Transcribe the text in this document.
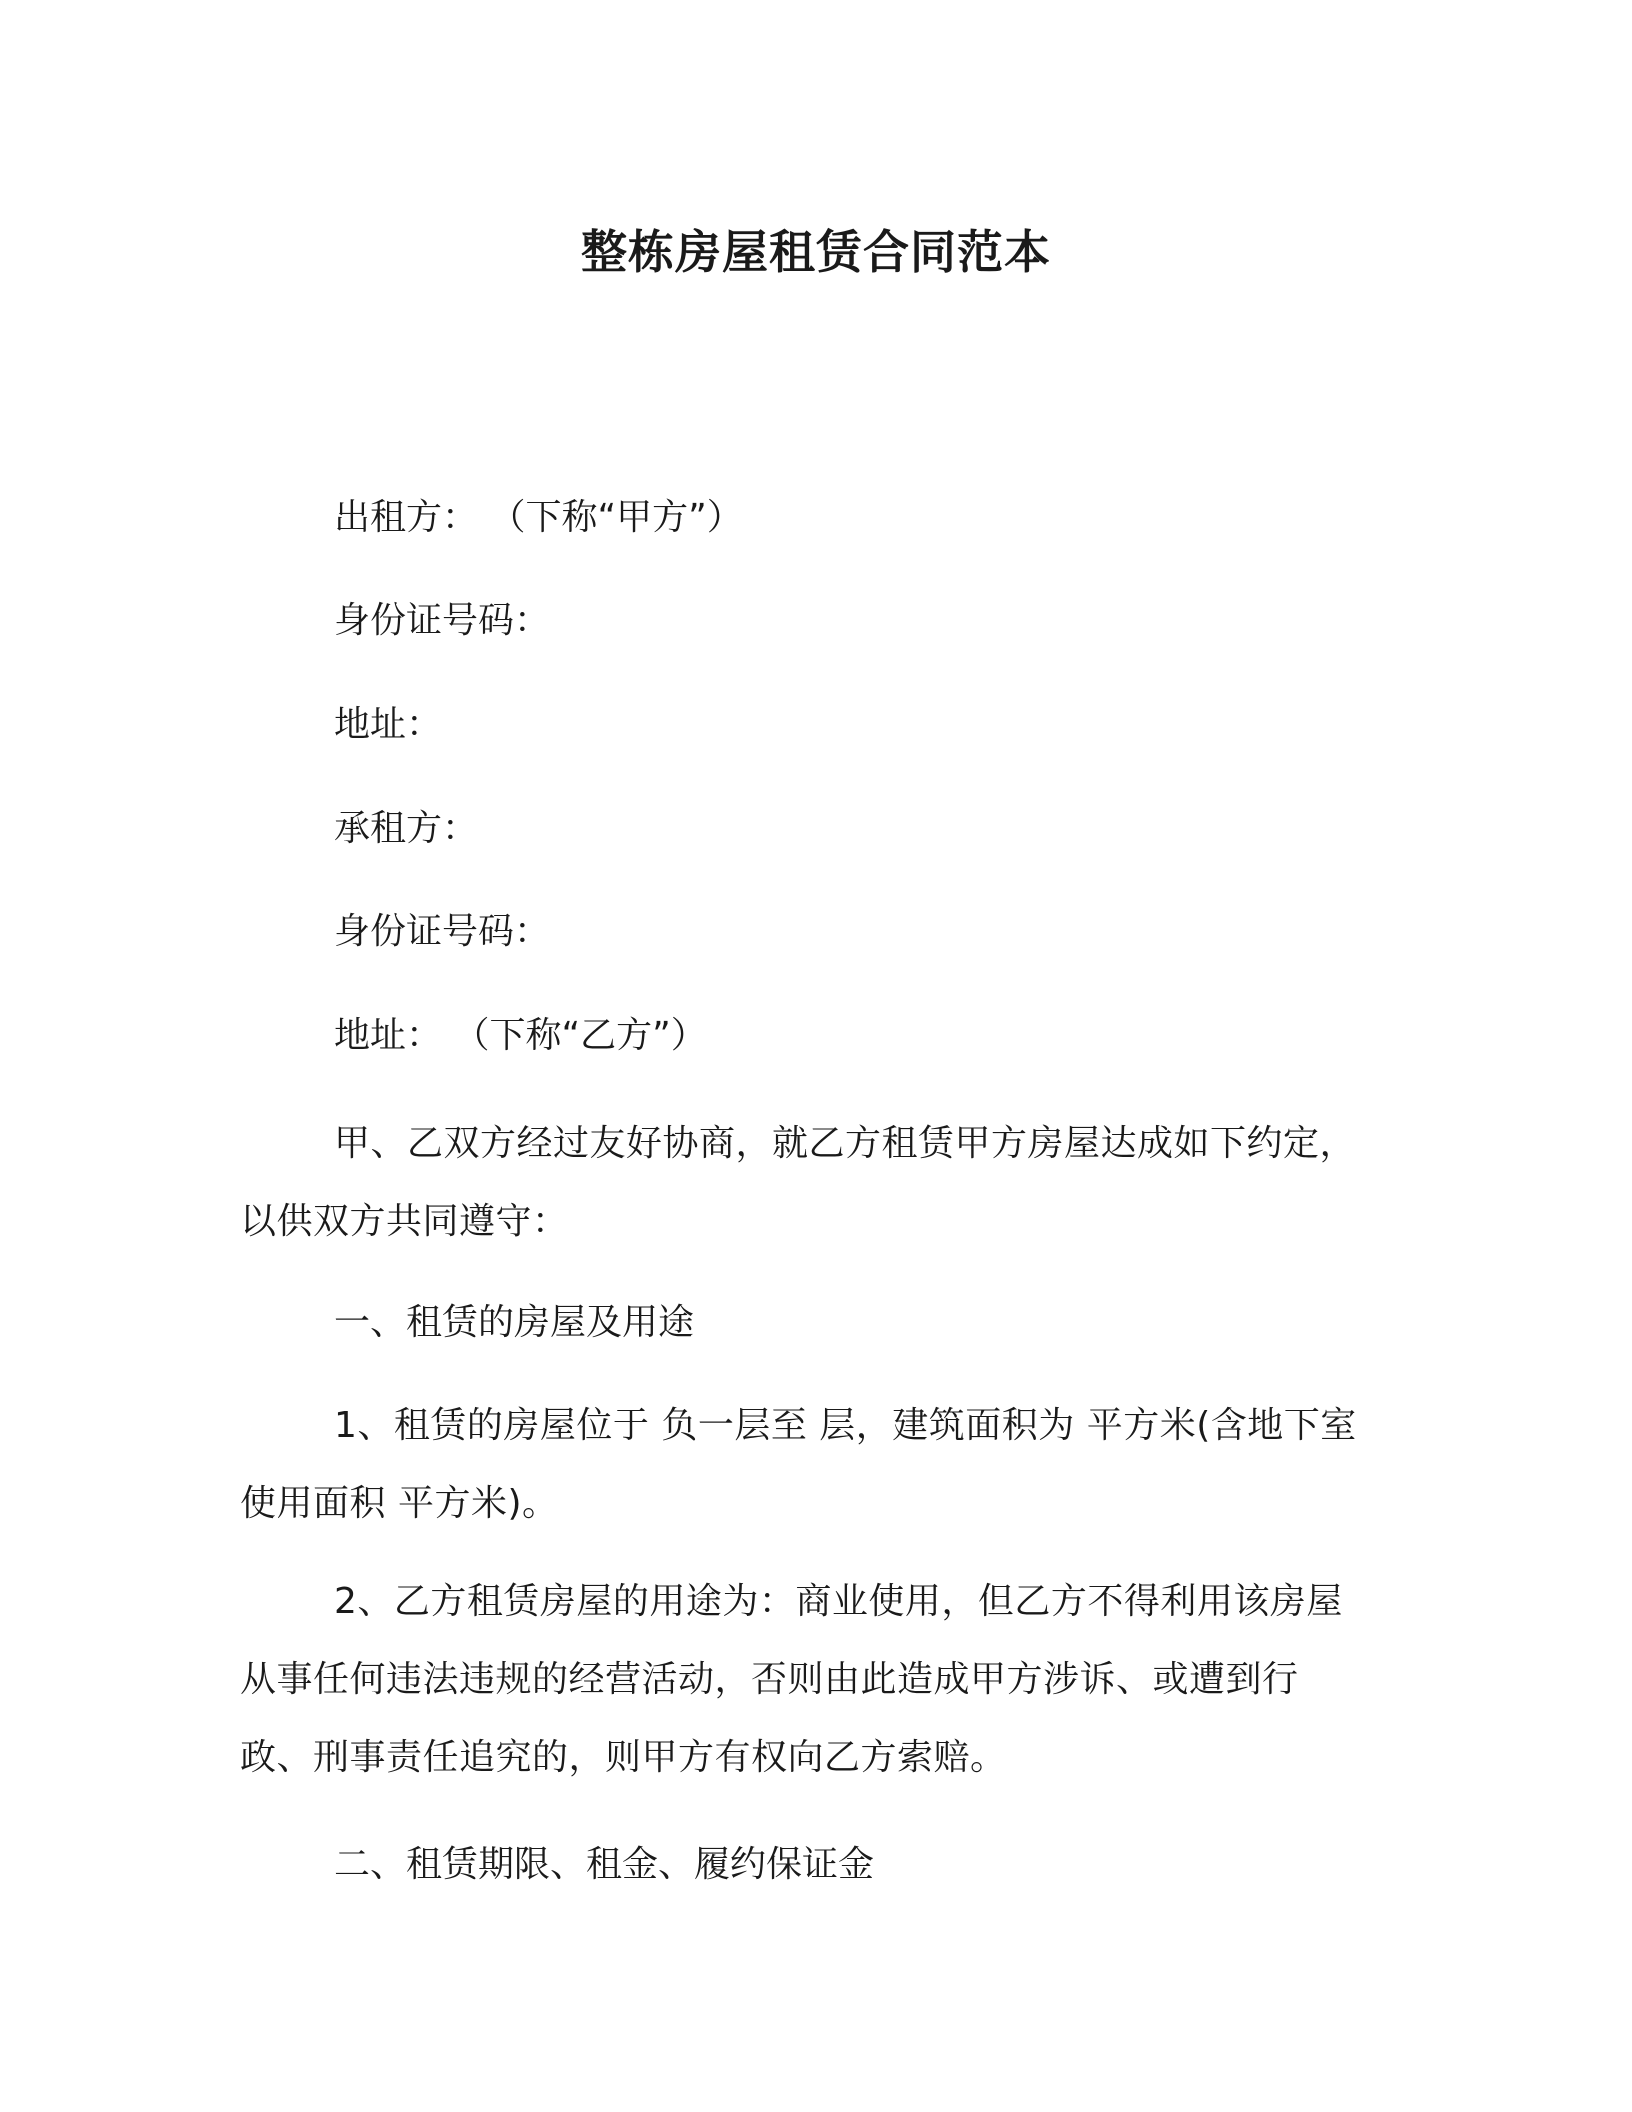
整栋房屋租赁合同范本

出租方： （下称“甲方”）

身份证号码：

地址：

承租方：

身份证号码：

地址： （下称“乙方”）

甲、乙双方经过友好协商，就乙方租赁甲方房屋达成如下约定，以供双方共同遵守：

一、租赁的房屋及用途

1、租赁的房屋位于 负一层至 层，建筑面积为 平方米(含地下室使用面积 平方米)。

2、乙方租赁房屋的用途为：商业使用，但乙方不得利用该房屋从事任何违法违规的经营活动，否则由此造成甲方涉诉、或遭到行政、刑事责任追究的，则甲方有权向乙方索赔。

二、租赁期限、租金、履约保证金
